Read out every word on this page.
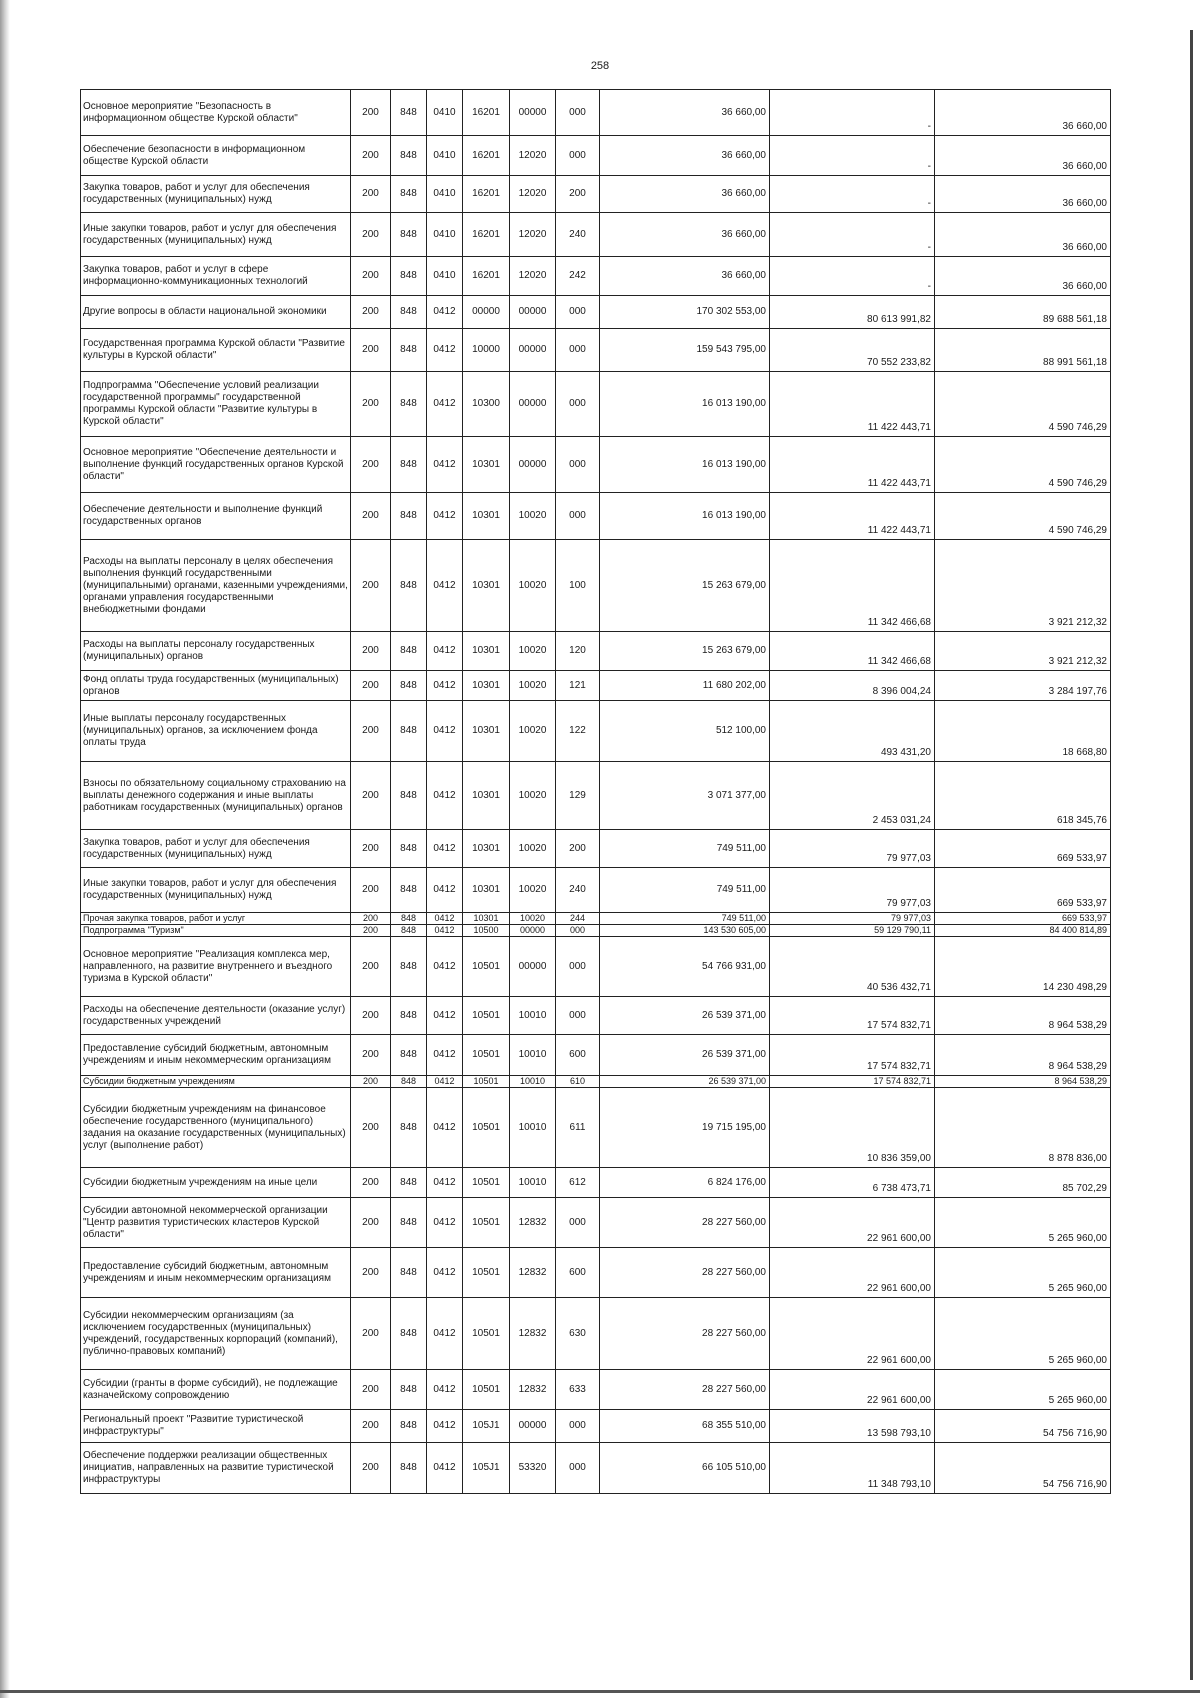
258
Основное мероприятие "Безопасность в информационном обществе Курской области"	200	848	0410	16201	00000	000	36 660,00	-	36 660,00
Обеспечение безопасности в информационном обществе Курской области	200	848	0410	16201	12020	000	36 660,00	-	36 660,00
Закупка товаров, работ и услуг для обеспечения государственных (муниципальных) нужд	200	848	0410	16201	12020	200	36 660,00	-	36 660,00
Иные закупки товаров, работ и услуг для обеспечения государственных (муниципальных) нужд	200	848	0410	16201	12020	240	36 660,00	-	36 660,00
Закупка товаров, работ и услуг в сфере информационно-коммуникационных технологий	200	848	0410	16201	12020	242	36 660,00	-	36 660,00
Другие вопросы в области национальной экономики	200	848	0412	00000	00000	000	170 302 553,00	80 613 991,82	89 688 561,18
Государственная программа Курской области "Развитие культуры в Курской области"	200	848	0412	10000	00000	000	159 543 795,00	70 552 233,82	88 991 561,18
Подпрограмма "Обеспечение условий реализации государственной программы" государственной программы Курской области "Развитие культуры в Курской области"	200	848	0412	10300	00000	000	16 013 190,00	11 422 443,71	4 590 746,29
Основное мероприятие "Обеспечение деятельности и выполнение функций государственных органов Курской области"	200	848	0412	10301	00000	000	16 013 190,00	11 422 443,71	4 590 746,29
Обеспечение деятельности и выполнение функций государственных органов	200	848	0412	10301	10020	000	16 013 190,00	11 422 443,71	4 590 746,29
Расходы на выплаты персоналу в целях обеспечения выполнения функций государственными (муниципальными) органами, казенными учреждениями, органами управления государственными внебюджетными фондами	200	848	0412	10301	10020	100	15 263 679,00	11 342 466,68	3 921 212,32
Расходы на выплаты персоналу государственных (муниципальных) органов	200	848	0412	10301	10020	120	15 263 679,00	11 342 466,68	3 921 212,32
Фонд оплаты труда государственных (муниципальных) органов	200	848	0412	10301	10020	121	11 680 202,00	8 396 004,24	3 284 197,76
Иные выплаты персоналу государственных (муниципальных) органов, за исключением фонда оплаты труда	200	848	0412	10301	10020	122	512 100,00	493 431,20	18 668,80
Взносы по обязательному социальному страхованию на выплаты денежного содержания и иные выплаты работникам государственных (муниципальных) органов	200	848	0412	10301	10020	129	3 071 377,00	2 453 031,24	618 345,76
Закупка товаров, работ и услуг для обеспечения государственных (муниципальных) нужд	200	848	0412	10301	10020	200	749 511,00	79 977,03	669 533,97
Иные закупки товаров, работ и услуг для обеспечения государственных (муниципальных) нужд	200	848	0412	10301	10020	240	749 511,00	79 977,03	669 533,97
Прочая закупка товаров, работ и услуг	200	848	0412	10301	10020	244	749 511,00	79 977,03	669 533,97
Подпрограмма "Туризм"	200	848	0412	10500	00000	000	143 530 605,00	59 129 790,11	84 400 814,89
Основное мероприятие "Реализация комплекса мер, направленного, на развитие внутреннего и въездного туризма в Курской области"	200	848	0412	10501	00000	000	54 766 931,00	40 536 432,71	14 230 498,29
Расходы на обеспечение деятельности (оказание услуг) государственных учреждений	200	848	0412	10501	10010	000	26 539 371,00	17 574 832,71	8 964 538,29
Предоставление субсидий бюджетным, автономным учреждениям и иным некоммерческим организациям	200	848	0412	10501	10010	600	26 539 371,00	17 574 832,71	8 964 538,29
Субсидии бюджетным учреждениям	200	848	0412	10501	10010	610	26 539 371,00	17 574 832,71	8 964 538,29
Субсидии бюджетным учреждениям на финансовое обеспечение государственного (муниципального) задания на оказание государственных (муниципальных) услуг (выполнение работ)	200	848	0412	10501	10010	611	19 715 195,00	10 836 359,00	8 878 836,00
Субсидии бюджетным учреждениям на иные цели	200	848	0412	10501	10010	612	6 824 176,00	6 738 473,71	85 702,29
Субсидии автономной некоммерческой организации "Центр развития туристических кластеров Курской области"	200	848	0412	10501	12832	000	28 227 560,00	22 961 600,00	5 265 960,00
Предоставление субсидий бюджетным, автономным учреждениям и иным некоммерческим организациям	200	848	0412	10501	12832	600	28 227 560,00	22 961 600,00	5 265 960,00
Субсидии некоммерческим организациям (за исключением государственных (муниципальных) учреждений, государственных корпораций (компаний), публично-правовых компаний)	200	848	0412	10501	12832	630	28 227 560,00	22 961 600,00	5 265 960,00
Субсидии (гранты в форме субсидий), не подлежащие казначейскому сопровождению	200	848	0412	10501	12832	633	28 227 560,00	22 961 600,00	5 265 960,00
Региональный проект "Развитие туристической инфраструктуры"	200	848	0412	105J1	00000	000	68 355 510,00	13 598 793,10	54 756 716,90
Обеспечение поддержки реализации общественных инициатив, направленных на развитие туристической инфраструктуры	200	848	0412	105J1	53320	000	66 105 510,00	11 348 793,10	54 756 716,90
